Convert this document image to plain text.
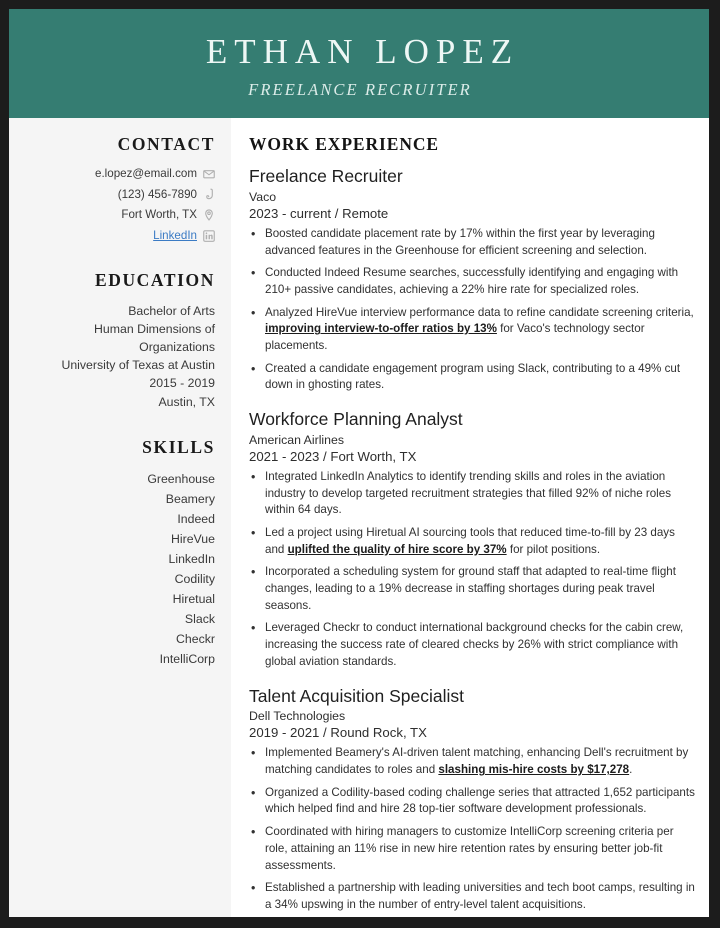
ETHAN LOPEZ
FREELANCE RECRUITER
CONTACT
e.lopez@email.com
(123) 456-7890
Fort Worth, TX
LinkedIn
EDUCATION
Bachelor of Arts
Human Dimensions of
Organizations
University of Texas at Austin
2015 - 2019
Austin, TX
SKILLS
Greenhouse
Beamery
Indeed
HireVue
LinkedIn
Codility
Hiretual
Slack
Checkr
IntelliCorp
WORK EXPERIENCE
Freelance Recruiter
Vaco
2023 - current / Remote
• Boosted candidate placement rate by 17% within the first year by leveraging advanced features in the Greenhouse for efficient screening and selection.
• Conducted Indeed Resume searches, successfully identifying and engaging with 210+ passive candidates, achieving a 22% hire rate for specialized roles.
• Analyzed HireVue interview performance data to refine candidate screening criteria, improving interview-to-offer ratios by 13% for Vaco's technology sector placements.
• Created a candidate engagement program using Slack, contributing to a 49% cut down in ghosting rates.
Workforce Planning Analyst
American Airlines
2021 - 2023 / Fort Worth, TX
• Integrated LinkedIn Analytics to identify trending skills and roles in the aviation industry to develop targeted recruitment strategies that filled 92% of niche roles within 64 days.
• Led a project using Hiretual AI sourcing tools that reduced time-to-fill by 23 days and uplifted the quality of hire score by 37% for pilot positions.
• Incorporated a scheduling system for ground staff that adapted to real-time flight changes, leading to a 19% decrease in staffing shortages during peak travel seasons.
• Leveraged Checkr to conduct international background checks for the cabin crew, increasing the success rate of cleared checks by 26% with strict compliance with global aviation standards.
Talent Acquisition Specialist
Dell Technologies
2019 - 2021 / Round Rock, TX
• Implemented Beamery's AI-driven talent matching, enhancing Dell's recruitment by matching candidates to roles and slashing mis-hire costs by $17,278.
• Organized a Codility-based coding challenge series that attracted 1,652 participants which helped find and hire 28 top-tier software development professionals.
• Coordinated with hiring managers to customize IntelliCorp screening criteria per role, attaining an 11% rise in new hire retention rates by ensuring better job-fit assessments.
• Established a partnership with leading universities and tech boot camps, resulting in a 34% upswing in the number of entry-level talent acquisitions.
